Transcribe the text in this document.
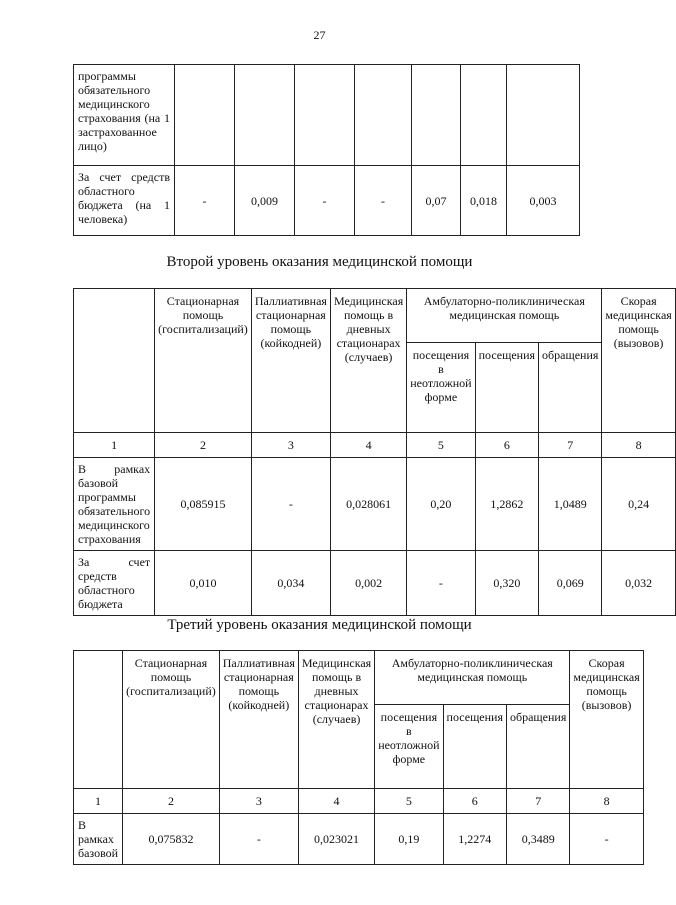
27
программы обязательного медицинского страхования (на 1 застрахованное лицо)							
За счет средств областного бюджета (на 1 человека)	-	0,009	-	-	0,07	0,018	0,003
Второй уровень оказания медицинской помощи
	Стационарная помощь (госпитализаций)	Паллиативная стационарная помощь (койкодней)	Медицинская помощь в дневных стационарах (случаев)	Амбулаторно-поликлиническая медицинская помощь			Скорая медицинская помощь (вызовов)
				посещения в неотложной форме	посещения	обращения	
1	2	3	4	5	6	7	8
В рамках базовой программы обязательного медицинского страхования	0,085915	-	0,028061	0,20	1,2862	1,0489	0,24
За счет средств областного бюджета	0,010	0,034	0,002	-	0,320	0,069	0,032
Третий уровень оказания медицинской помощи
	Стационарная помощь (госпитализаций)	Паллиативная стационарная помощь (койкодней)	Медицинская помощь в дневных стационарах (случаев)	Амбулаторно-поликлиническая медицинская помощь			Скорая медицинская помощь (вызовов)
				посещения в неотложной форме	посещения	обращения	
1	2	3	4	5	6	7	8
В рамках базовой	0,075832	-	0,023021	0,19	1,2274	0,3489	-
